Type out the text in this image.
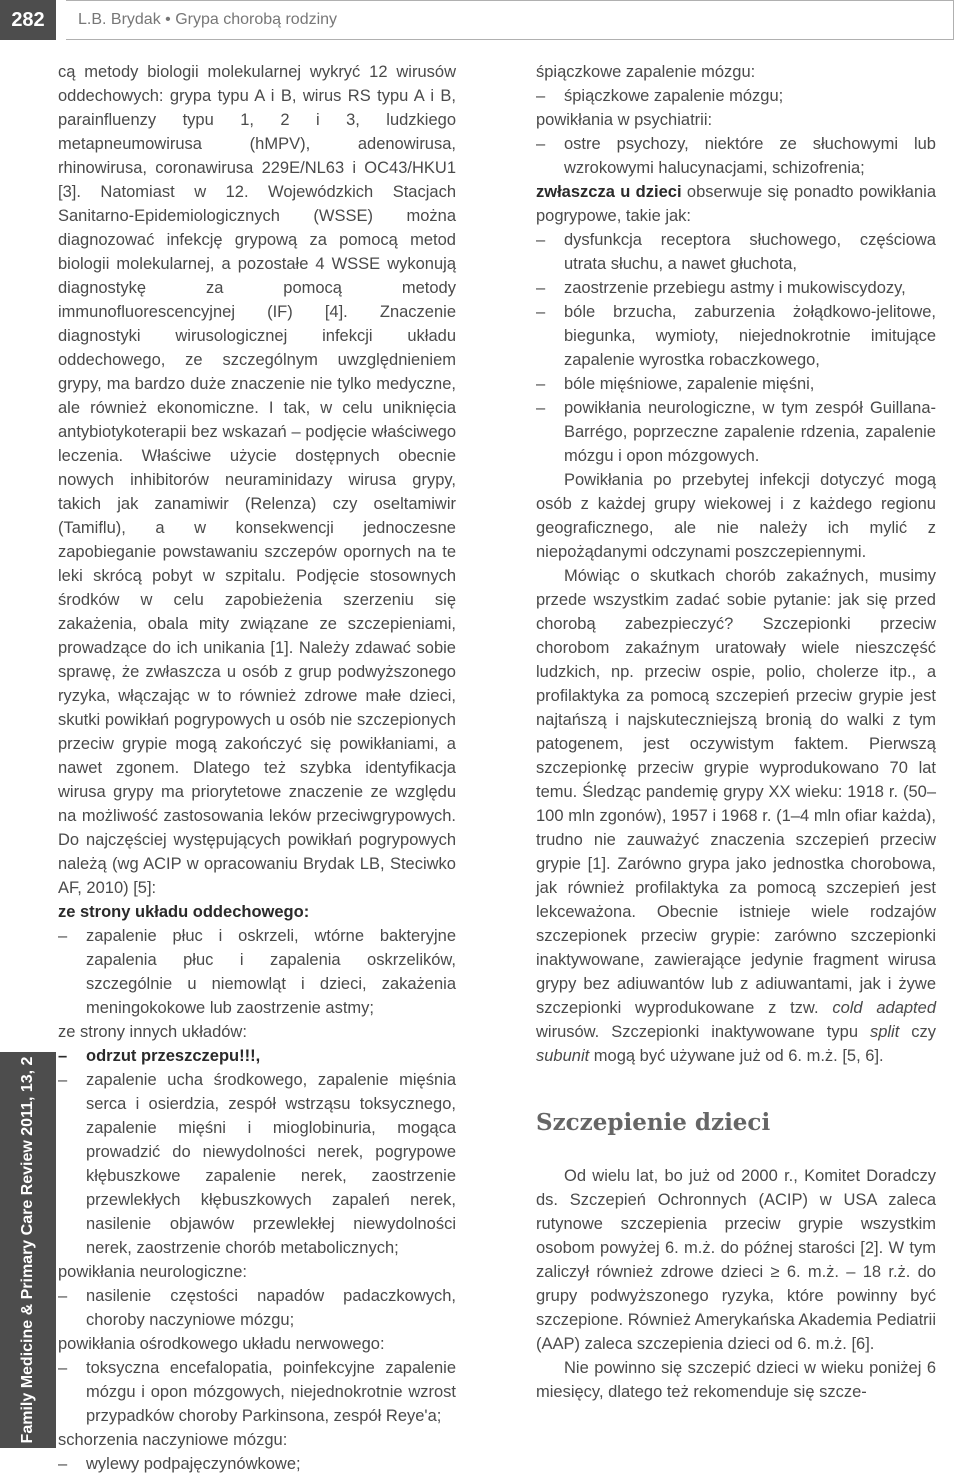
282	L.B. Brydak • Grypa chorobą rodziny
Family Medicine & Primary Care Review 2011, 13, 2

cą metody biologii molekularnej wykryć 12 wirusów oddechowych: grypa typu A i B, wirus RS typu A i B, parainfluenzy typu 1, 2 i 3, ludzkiego metapneumowirusa (hMPV), adenowirusa, rhinowirusa, coronawirusa 229E/NL63 i OC43/HKU1 [3]. Natomiast w 12. Wojewódzkich Stacjach Sanitarno-Epidemiologicznych (WSSE) można diagnozować infekcję grypową za pomocą metod biologii molekularnej, a pozostałe 4 WSSE wykonują diagnostykę za pomocą metody immunofluorescencyjnej (IF) [4]. Znaczenie diagnostyki wirusologicznej infekcji układu oddechowego, ze szczególnym uwzględnieniem grypy, ma bardzo duże znaczenie nie tylko medyczne, ale również ekonomiczne. I tak, w celu uniknięcia antybiotykoterapii bez wskazań – podjęcie właściwego leczenia. Właściwe użycie dostępnych obecnie nowych inhibitorów neuraminidazy wirusa grypy, takich jak zanamiwir (Relenza) czy oseltamiwir (Tamiflu), a w konsekwencji jednoczesne zapobieganie powstawaniu szczepów opornych na te leki skrócą pobyt w szpitalu. Podjęcie stosownych środków w celu zapobieżenia szerzeniu się zakażenia, obala mity związane ze szczepieniami, prowadzące do ich unikania [1]. Należy zdawać sobie sprawę, że zwłaszcza u osób z grup podwyższonego ryzyka, włączając w to również zdrowe małe dzieci, skutki powikłań pogrypowych u osób nie szczepionych przeciw grypie mogą zakończyć się powikłaniami, a nawet zgonem. Dlatego też szybka identyfikacja wirusa grypy ma priorytetowe znaczenie ze względu na możliwość zastosowania leków przeciwgrypowych. Do najczęściej występujących powikłań pogrypowych należą (wg ACIP w opracowaniu Brydak LB, Steciwko AF, 2010) [5]:

ze strony układu oddechowego:

– zapalenie płuc i oskrzeli, wtórne bakteryjne zapalenia płuc i zapalenia oskrzelików, szczególnie u niemowląt i dzieci, zakażenia meningokokowe lub zaostrzenie astmy;

ze strony innych układów:

– odrzut przeszczepu!!!,

– zapalenie ucha środkowego, zapalenie mięśnia serca i osierdzia, zespół wstrząsu toksycznego, zapalenie mięśni i mioglobinuria, mogąca prowadzić do niewydolności nerek, pogrypowe kłębuszkowe zapalenie nerek, zaostrzenie przewlekłych kłębuszkowych zapaleń nerek, nasilenie objawów przewlekłej niewydolności nerek, zaostrzenie chorób metabolicznych;

powikłania neurologiczne:

– nasilenie częstości napadów padaczkowych, choroby naczyniowe mózgu;

powikłania ośrodkowego układu nerwowego:

– toksyczna encefalopatia, poinfekcyjne zapalenie mózgu i opon mózgowych, niejednokrotnie wzrost przypadków choroby Parkinsona, zespół Reye'a;

schorzenia naczyniowe mózgu:

– wylewy podpajęczynówkowe;

śpiączkowe zapalenie mózgu:

– śpiączkowe zapalenie mózgu;

powikłania w psychiatrii:

– ostre psychozy, niektóre ze słuchowymi lub wzrokowymi halucynacjami, schizofrenia;

zwłaszcza u dzieci obserwuje się ponadto powikłania pogrypowe, takie jak:

– dysfunkcja receptora słuchowego, częściowa utrata słuchu, a nawet głuchota,

– zaostrzenie przebiegu astmy i mukowiscydozy,

– bóle brzucha, zaburzenia żołądkowo-jelitowe, biegunka, wymioty, niejednokrotnie imitujące zapalenie wyrostka robaczkowego,

– bóle mięśniowe, zapalenie mięśni,

– powikłania neurologiczne, w tym zespół Guillana-Barrégo, poprzeczne zapalenie rdzenia, zapalenie mózgu i opon mózgowych.

Powikłania po przebytej infekcji dotyczyć mogą osób z każdej grupy wiekowej i z każdego regionu geograficznego, ale nie należy ich mylić z niepożądanymi odczynami poszczepiennymi.

Mówiąc o skutkach chorób zakaźnych, musimy przede wszystkim zadać sobie pytanie: jak się przed chorobą zabezpieczyć? Szczepionki przeciw chorobom zakaźnym uratowały wiele nieszczęść ludzkich, np. przeciw ospie, polio, cholerze itp., a profilaktyka za pomocą szczepień przeciw grypie jest najtańszą i najskuteczniejszą bronią do walki z tym patogenem, jest oczywistym faktem. Pierwszą szczepionkę przeciw grypie wyprodukowano 70 lat temu. Śledząc pandemię grypy XX wieku: 1918 r. (50–100 mln zgonów), 1957 i 1968 r. (1–4 mln ofiar każda), trudno nie zauważyć znaczenia szczepień przeciw grypie [1]. Zarówno grypa jako jednostka chorobowa, jak również profilaktyka za pomocą szczepień jest lekceważona. Obecnie istnieje wiele rodzajów szczepionek przeciw grypie: zarówno szczepionki inaktywowane, zawierające jedynie fragment wirusa grypy bez adiuwantów lub z adiuwantami, jak i żywe szczepionki wyprodukowane z tzw. cold adapted wirusów. Szczepionki inaktywowane typu split czy subunit mogą być używane już od 6. m.ż. [5, 6].

Szczepienie dzieci

Od wielu lat, bo już od 2000 r., Komitet Doradczy ds. Szczepień Ochronnych (ACIP) w USA zaleca rutynowe szczepienia przeciw grypie wszystkim osobom powyżej 6. m.ż. do późnej starości [2]. W tym zaliczył również zdrowe dzieci ≥ 6. m.ż. – 18 r.ż. do grupy podwyższonego ryzyka, które powinny być szczepione. Również Amerykańska Akademia Pediatrii (AAP) zaleca szczepienia dzieci od 6. m.ż. [6].

Nie powinno się szczepić dzieci w wieku poniżej 6 miesięcy, dlatego też rekomenduje się szcze-
